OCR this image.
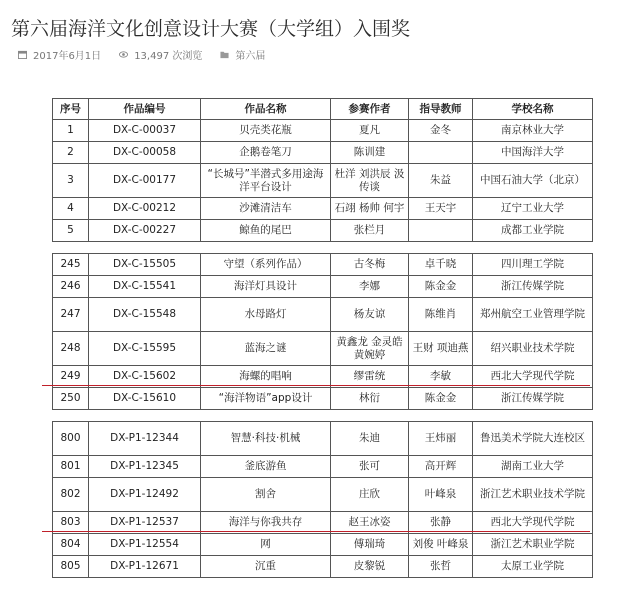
第六届海洋文化创意设计大赛（大学组）入围奖
2017年6月1日	13,497 次浏览	第六届
序号	作品编号	作品名称	参赛作者	指导教师	学校名称
1	DX-C-00037	贝壳类花瓶	夏凡	金冬	南京林业大学
2	DX-C-00058	企鹅卷笔刀	陈训建		中国海洋大学
3	DX-C-00177	“长城号”半潜式多用途海洋平台设计	杜洋 刘洪辰 汲传谈	朱益	中国石油大学（北京）
4	DX-C-00212	沙滩清洁车	石翊 杨帅 何宇	王天宇	辽宁工业大学
5	DX-C-00227	鲸鱼的尾巴	张栏月		成都工业学院

245	DX-C-15505	守望（系列作品）	古冬梅	卓千晓	四川理工学院
246	DX-C-15541	海洋灯具设计	李娜	陈金金	浙江传媒学院
247	DX-C-15548	水母路灯	杨友谅	陈维肖	郑州航空工业管理学院
248	DX-C-15595	蓝海之谜	黄鑫龙 金灵皓 黄婉婷	王财 项迪燕	绍兴职业技术学院
249	DX-C-15602	海螺的唱响	缪雷统	李敏	西北大学现代学院
250	DX-C-15610	“海洋物语”app设计	林衍	陈金金	浙江传媒学院

800	DX-P1-12344	智慧·科技·机械	朱迪	王炜丽	鲁迅美术学院大连校区
801	DX-P1-12345	釜底游鱼	张可	高开辉	湖南工业大学
802	DX-P1-12492	割舍	庄欣	叶峰泉	浙江艺术职业技术学院
803	DX-P1-12537	海洋与你我共存	赵王冰姿	张静	西北大学现代学院
804	DX-P1-12554	网	傅瑞琦	刘俊 叶峰泉	浙江艺术职业学院
805	DX-P1-12671	沉重	皮黎锐	张哲	太原工业学院
